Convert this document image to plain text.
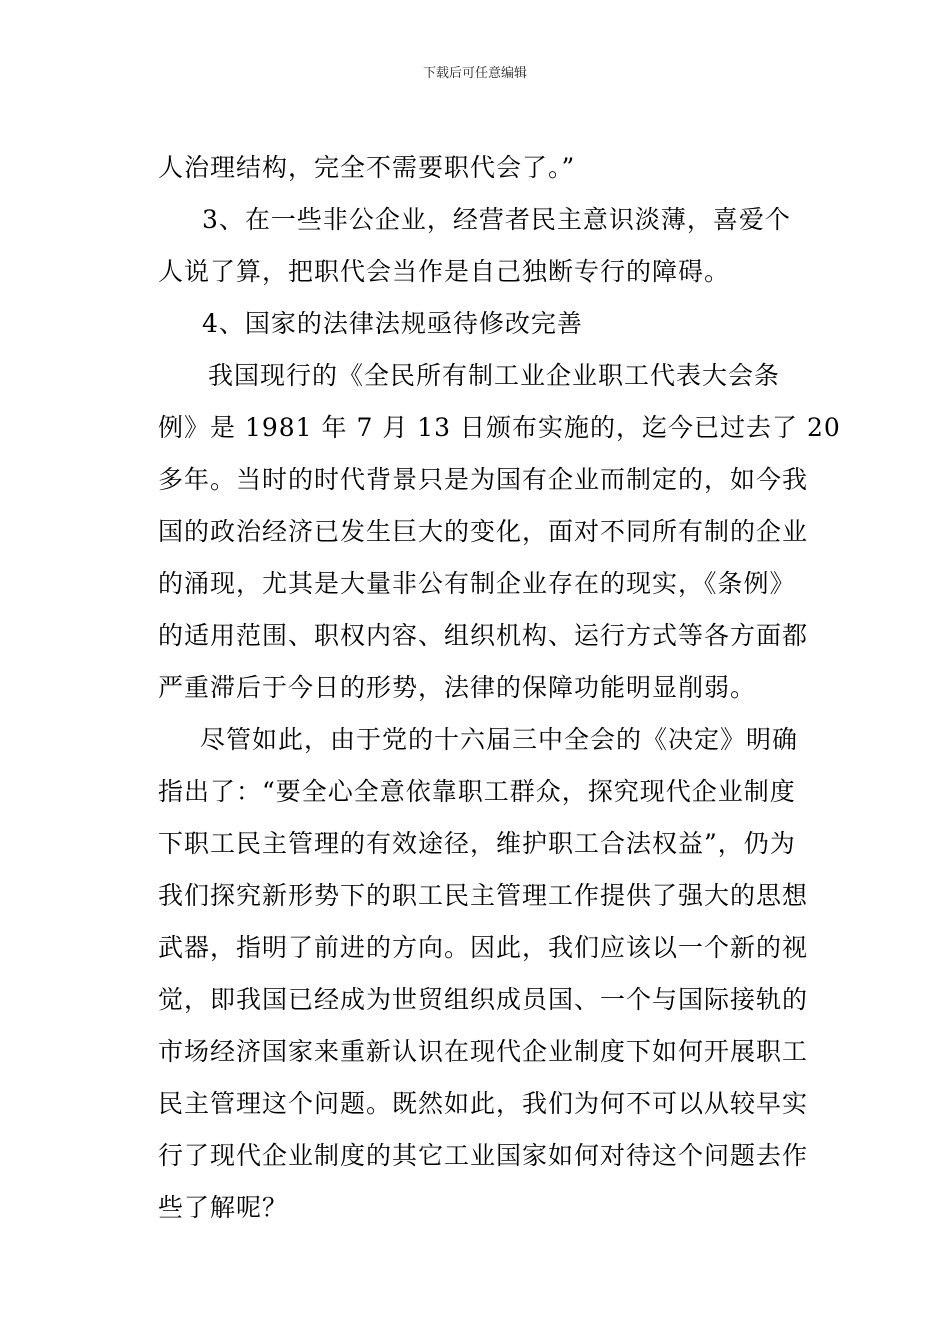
下载后可任意编辑
人治理结构，完全不需要职代会了。”
3、在一些非公企业，经营者民主意识淡薄，喜爱个
人说了算，把职代会当作是自己独断专行的障碍。
4、国家的法律法规亟待修改完善
我国现行的《全民所有制工业企业职工代表大会条
例》是 1981 年 7 月 13 日颁布实施的，迄今已过去了 20
多年。当时的时代背景只是为国有企业而制定的，如今我
国的政治经济已发生巨大的变化，面对不同所有制的企业
的涌现，尤其是大量非公有制企业存在的现实，《条例》
的适用范围、职权内容、组织机构、运行方式等各方面都
严重滞后于今日的形势，法律的保障功能明显削弱。
尽管如此，由于党的十六届三中全会的《决定》明确
指出了：“要全心全意依靠职工群众，探究现代企业制度
下职工民主管理的有效途径，维护职工合法权益”，仍为
我们探究新形势下的职工民主管理工作提供了强大的思想
武器，指明了前进的方向。因此，我们应该以一个新的视
觉，即我国已经成为世贸组织成员国、一个与国际接轨的
市场经济国家来重新认识在现代企业制度下如何开展职工
民主管理这个问题。既然如此，我们为何不可以从较早实
行了现代企业制度的其它工业国家如何对待这个问题去作
些了解呢？
